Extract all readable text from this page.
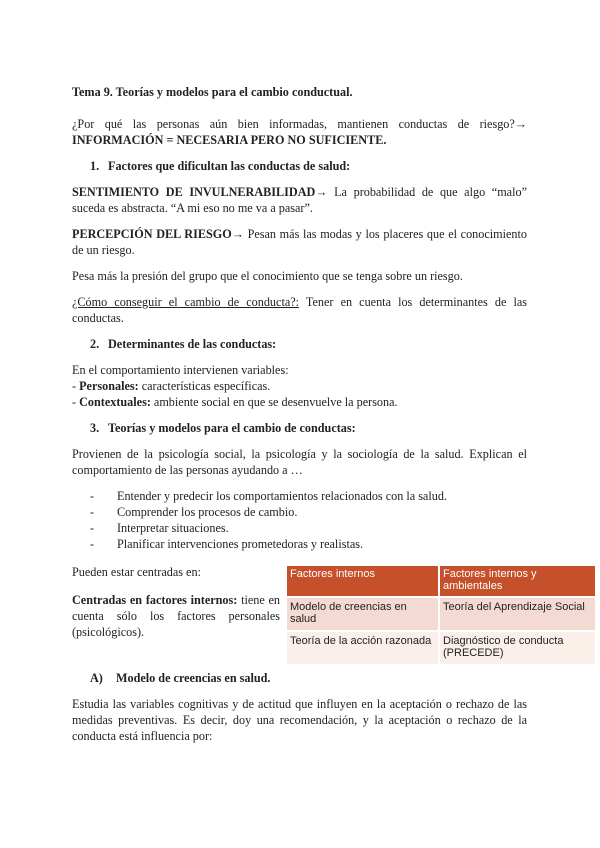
Tema 9. Teorías y modelos para el cambio conductual.

¿Por qué las personas aún bien informadas, mantienen conductas de riesgo?→ INFORMACIÓN = NECESARIA PERO NO SUFICIENTE.

1. Factores que dificultan las conductas de salud:

SENTIMIENTO DE INVULNERABILIDAD→ La probabilidad de que algo “malo” suceda es abstracta. “A mi eso no me va a pasar”.

PERCEPCIÓN DEL RIESGO→ Pesan más las modas y los placeres que el conocimiento de un riesgo.

Pesa más la presión del grupo que el conocimiento que se tenga sobre un riesgo.

¿Cómo conseguir el cambio de conducta?: Tener en cuenta los determinantes de las conductas.

2. Determinantes de las conductas:

En el comportamiento intervienen variables:

- Personales: características específicas.

- Contextuales: ambiente social en que se desenvuelve la persona.

3. Teorías y modelos para el cambio de conductas:

Provienen de la psicología social, la psicología y la sociología de la salud. Explican el comportamiento de las personas ayudando a …

- Entender y predecir los comportamientos relacionados con la salud.
- Comprender los procesos de cambio.
- Interpretar situaciones.
- Planificar intervenciones prometedoras y realistas.

Pueden estar centradas en:

Centradas en factores internos: tiene en cuenta sólo los factores personales (psicológicos).

Factores internos	Factores internos y ambientales
Modelo de creencias en salud	Teoría del Aprendizaje Social
Teoría de la acción razonada	Diagnóstico de conducta (PRECEDE)

A) Modelo de creencias en salud.

Estudia las variables cognitivas y de actitud que influyen en la aceptación o rechazo de las medidas preventivas. Es decir, doy una recomendación, y la aceptación o rechazo de la conducta está influencia por:
